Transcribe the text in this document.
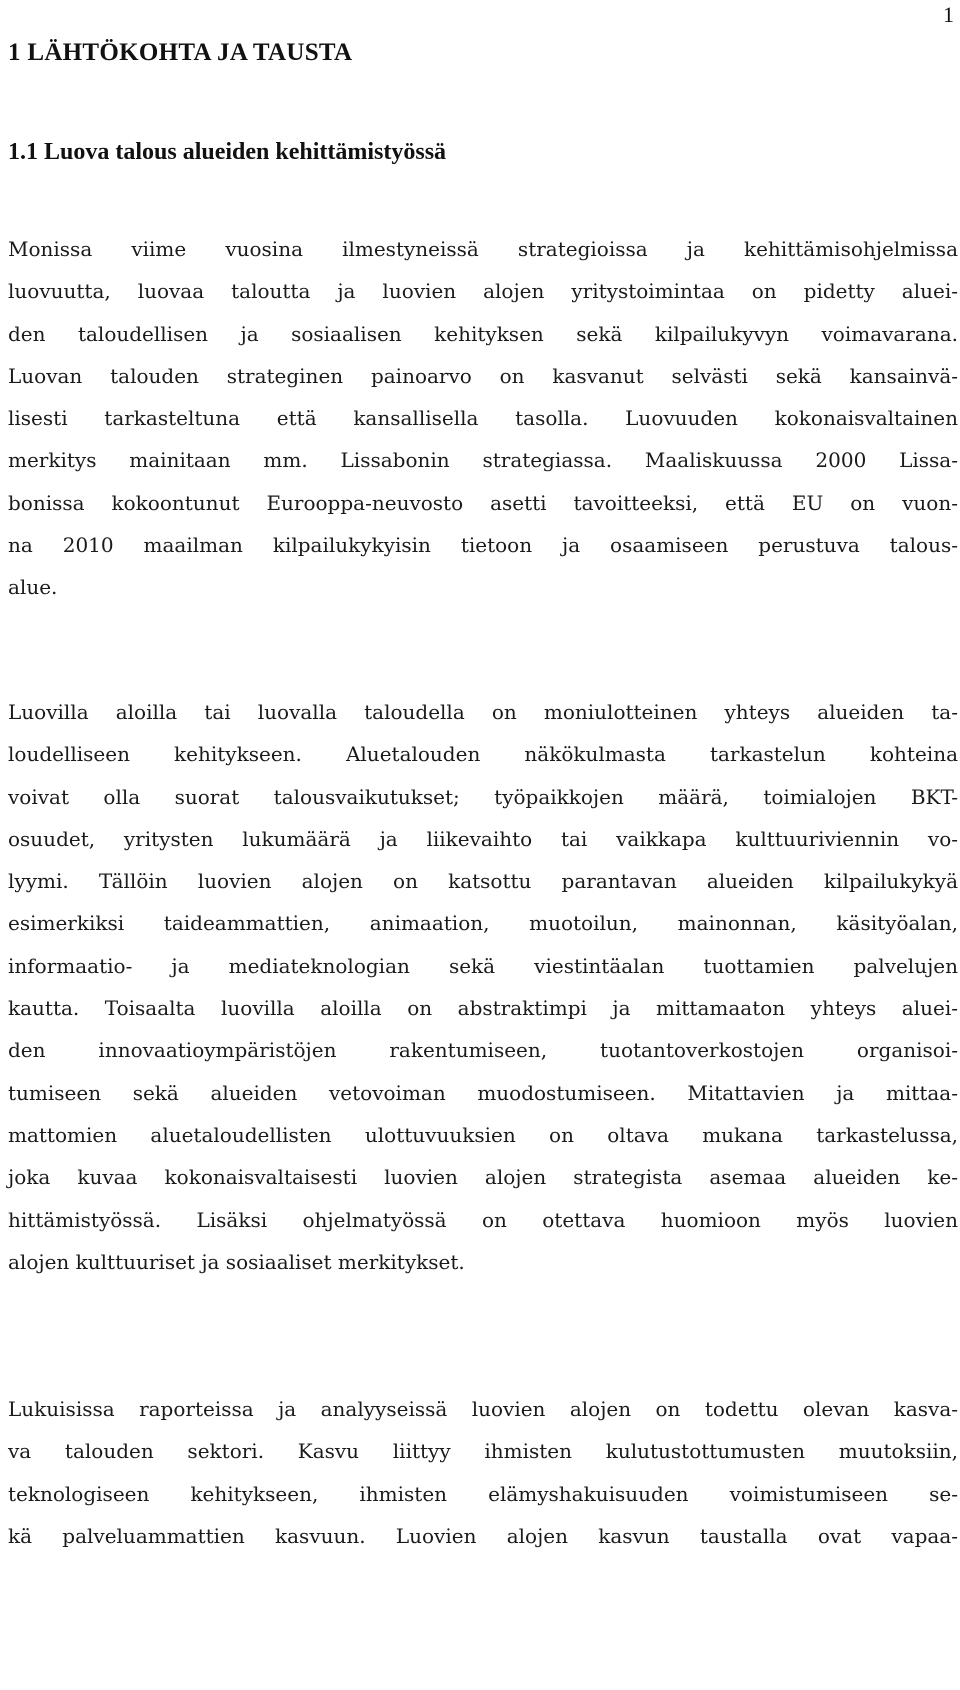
1
1 LÄHTÖKOHTA JA TAUSTA
1.1 Luova talous alueiden kehittämistyössä

Monissa viime vuosina ilmestyneissä strategioissa ja kehittämisohjelmissa
luovuutta, luovaa taloutta ja luovien alojen yritystoimintaa on pidetty aluei-
den taloudellisen ja sosiaalisen kehityksen sekä kilpailukyvyn voimavarana.
Luovan talouden strateginen painoarvo on kasvanut selvästi sekä kansainvä-
lisesti tarkasteltuna että kansallisella tasolla. Luovuuden kokonaisvaltainen
merkitys mainitaan mm. Lissabonin strategiassa. Maaliskuussa 2000 Lissa-
bonissa kokoontunut Eurooppa-neuvosto asetti tavoitteeksi, että EU on vuon-
na 2010 maailman kilpailukykyisin tietoon ja osaamiseen perustuva talous-
alue.

Luovilla aloilla tai luovalla taloudella on moniulotteinen yhteys alueiden ta-
loudelliseen kehitykseen. Aluetalouden näkökulmasta tarkastelun kohteina
voivat olla suorat talousvaikutukset; työpaikkojen määrä, toimialojen BKT-
osuudet, yritysten lukumäärä ja liikevaihto tai vaikkapa kulttuuriviennin vo-
lyymi. Tällöin luovien alojen on katsottu parantavan alueiden kilpailukykyä
esimerkiksi taideammattien, animaation, muotoilun, mainonnan, käsityöalan,
informaatio- ja mediateknologian sekä viestintäalan tuottamien palvelujen
kautta. Toisaalta luovilla aloilla on abstraktimpi ja mittamaaton yhteys aluei-
den innovaatioympäristöjen rakentumiseen, tuotantoverkostojen organisoi-
tumiseen sekä alueiden vetovoiman muodostumiseen. Mitattavien ja mittaa-
mattomien aluetaloudellisten ulottuvuuksien on oltava mukana tarkastelussa,
joka kuvaa kokonaisvaltaisesti luovien alojen strategista asemaa alueiden ke-
hittämistyössä. Lisäksi ohjelmatyössä on otettava huomioon myös luovien
alojen kulttuuriset ja sosiaaliset merkitykset.

Lukuisissa raporteissa ja analyyseissä luovien alojen on todettu olevan kasva-
va talouden sektori. Kasvu liittyy ihmisten kulutustottumusten muutoksiin,
teknologiseen kehitykseen, ihmisten elämyshakuisuuden voimistumiseen se-
kä palveluammattien kasvuun. Luovien alojen kasvun taustalla ovat vapaa-
